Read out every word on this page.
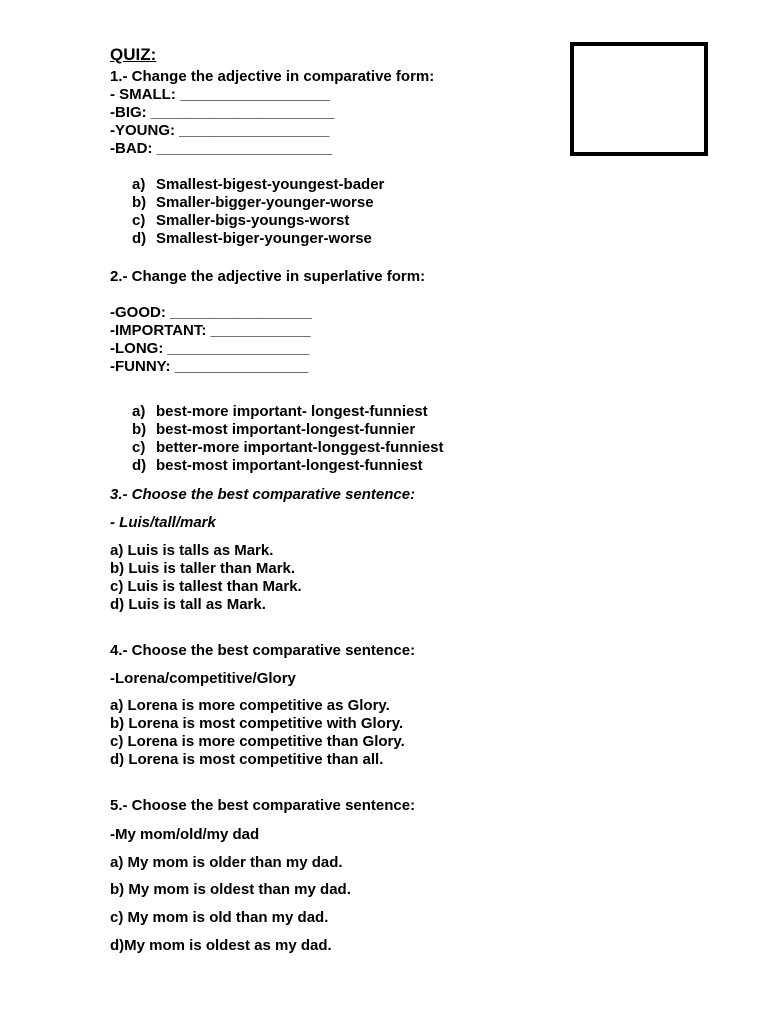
QUIZ:
1.- Change the adjective in comparative form:
- SMALL: __________________
-BIG: ______________________
-YOUNG: __________________
-BAD: _____________________
a) Smallest-bigest-youngest-bader
b) Smaller-bigger-younger-worse
c) Smaller-bigs-youngs-worst
d) Smallest-biger-younger-worse
2.- Change the adjective in superlative form:
-GOOD: _________________
-IMPORTANT: ____________
-LONG: _________________
-FUNNY: ________________
a) best-more important- longest-funniest
b) best-most important-longest-funnier
c) better-more important-longgest-funniest
d) best-most important-longest-funniest
3.- Choose the best comparative sentence:
- Luis/tall/mark
a) Luis is talls as Mark.
b) Luis is taller than Mark.
c) Luis is tallest than Mark.
d) Luis is tall as Mark.
4.- Choose the best comparative sentence:
-Lorena/competitive/Glory
a) Lorena is more competitive as Glory.
b) Lorena is most competitive with Glory.
c) Lorena is more competitive than Glory.
d) Lorena is most competitive than all.
5.- Choose the best comparative sentence:
-My mom/old/my dad
a) My mom is older than my dad.
b) My mom is oldest than my dad.
c) My mom is old than my dad.
d)My mom is oldest as my dad.
